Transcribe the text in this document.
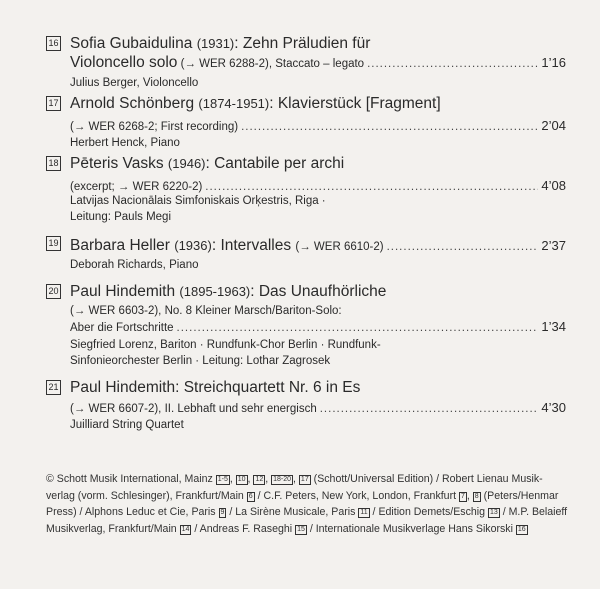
16 Sofia Gubaidulina (1931): Zehn Präludien für
Violoncello solo (→ WER 6288-2), Staccato – legato .....	1’16
Julius Berger, Violoncello
17 Arnold Schönberg (1874-1951): Klavierstück [Fragment]
(→ WER 6268-2; First recording) .....	2’04
Herbert Henck, Piano
18 Pēteris Vasks (1946): Cantabile per archi
(excerpt; → WER 6220-2) .....	4’08
Latvijas Nacionālais Simfoniskais Orķestris, Riga ·
Leitung: Pauls Megi
19 Barbara Heller (1936): Intervalles (→ WER 6610-2) .....	2’37
Deborah Richards, Piano
20 Paul Hindemith (1895-1963): Das Unaufhörliche
(→ WER 6603-2), No. 8 Kleiner Marsch/Bariton-Solo:
Aber die Fortschritte .....	1’34
Siegfried Lorenz, Bariton · Rundfunk-Chor Berlin · Rundfunk-
Sinfonieorchester Berlin · Leitung: Lothar Zagrosek
21 Paul Hindemith: Streichquartett Nr. 6 in Es
(→ WER 6607-2), II. Lebhaft und sehr energisch .....	4’30
Juilliard String Quartet
© Schott Musik International, Mainz 1-5 , 10 , 12 , 18-20 , 17 (Schott/Universal Edition) / Robert Lienau Musik-
verlag (vorm. Schlesinger), Frankfurt/Main 6 / C.F. Peters, New York, London, Frankfurt 7 , 8 (Peters/Henmar
Press) / Alphons Leduc et Cie, Paris 9 / La Sirène Musicale, Paris 11 / Edition Demets/Eschig 13 / M.P. Belaieff
Musikverlag, Frankfurt/Main 14 / Andreas F. Raseghi 15 / Internationale Musikverlage Hans Sikorski 16
